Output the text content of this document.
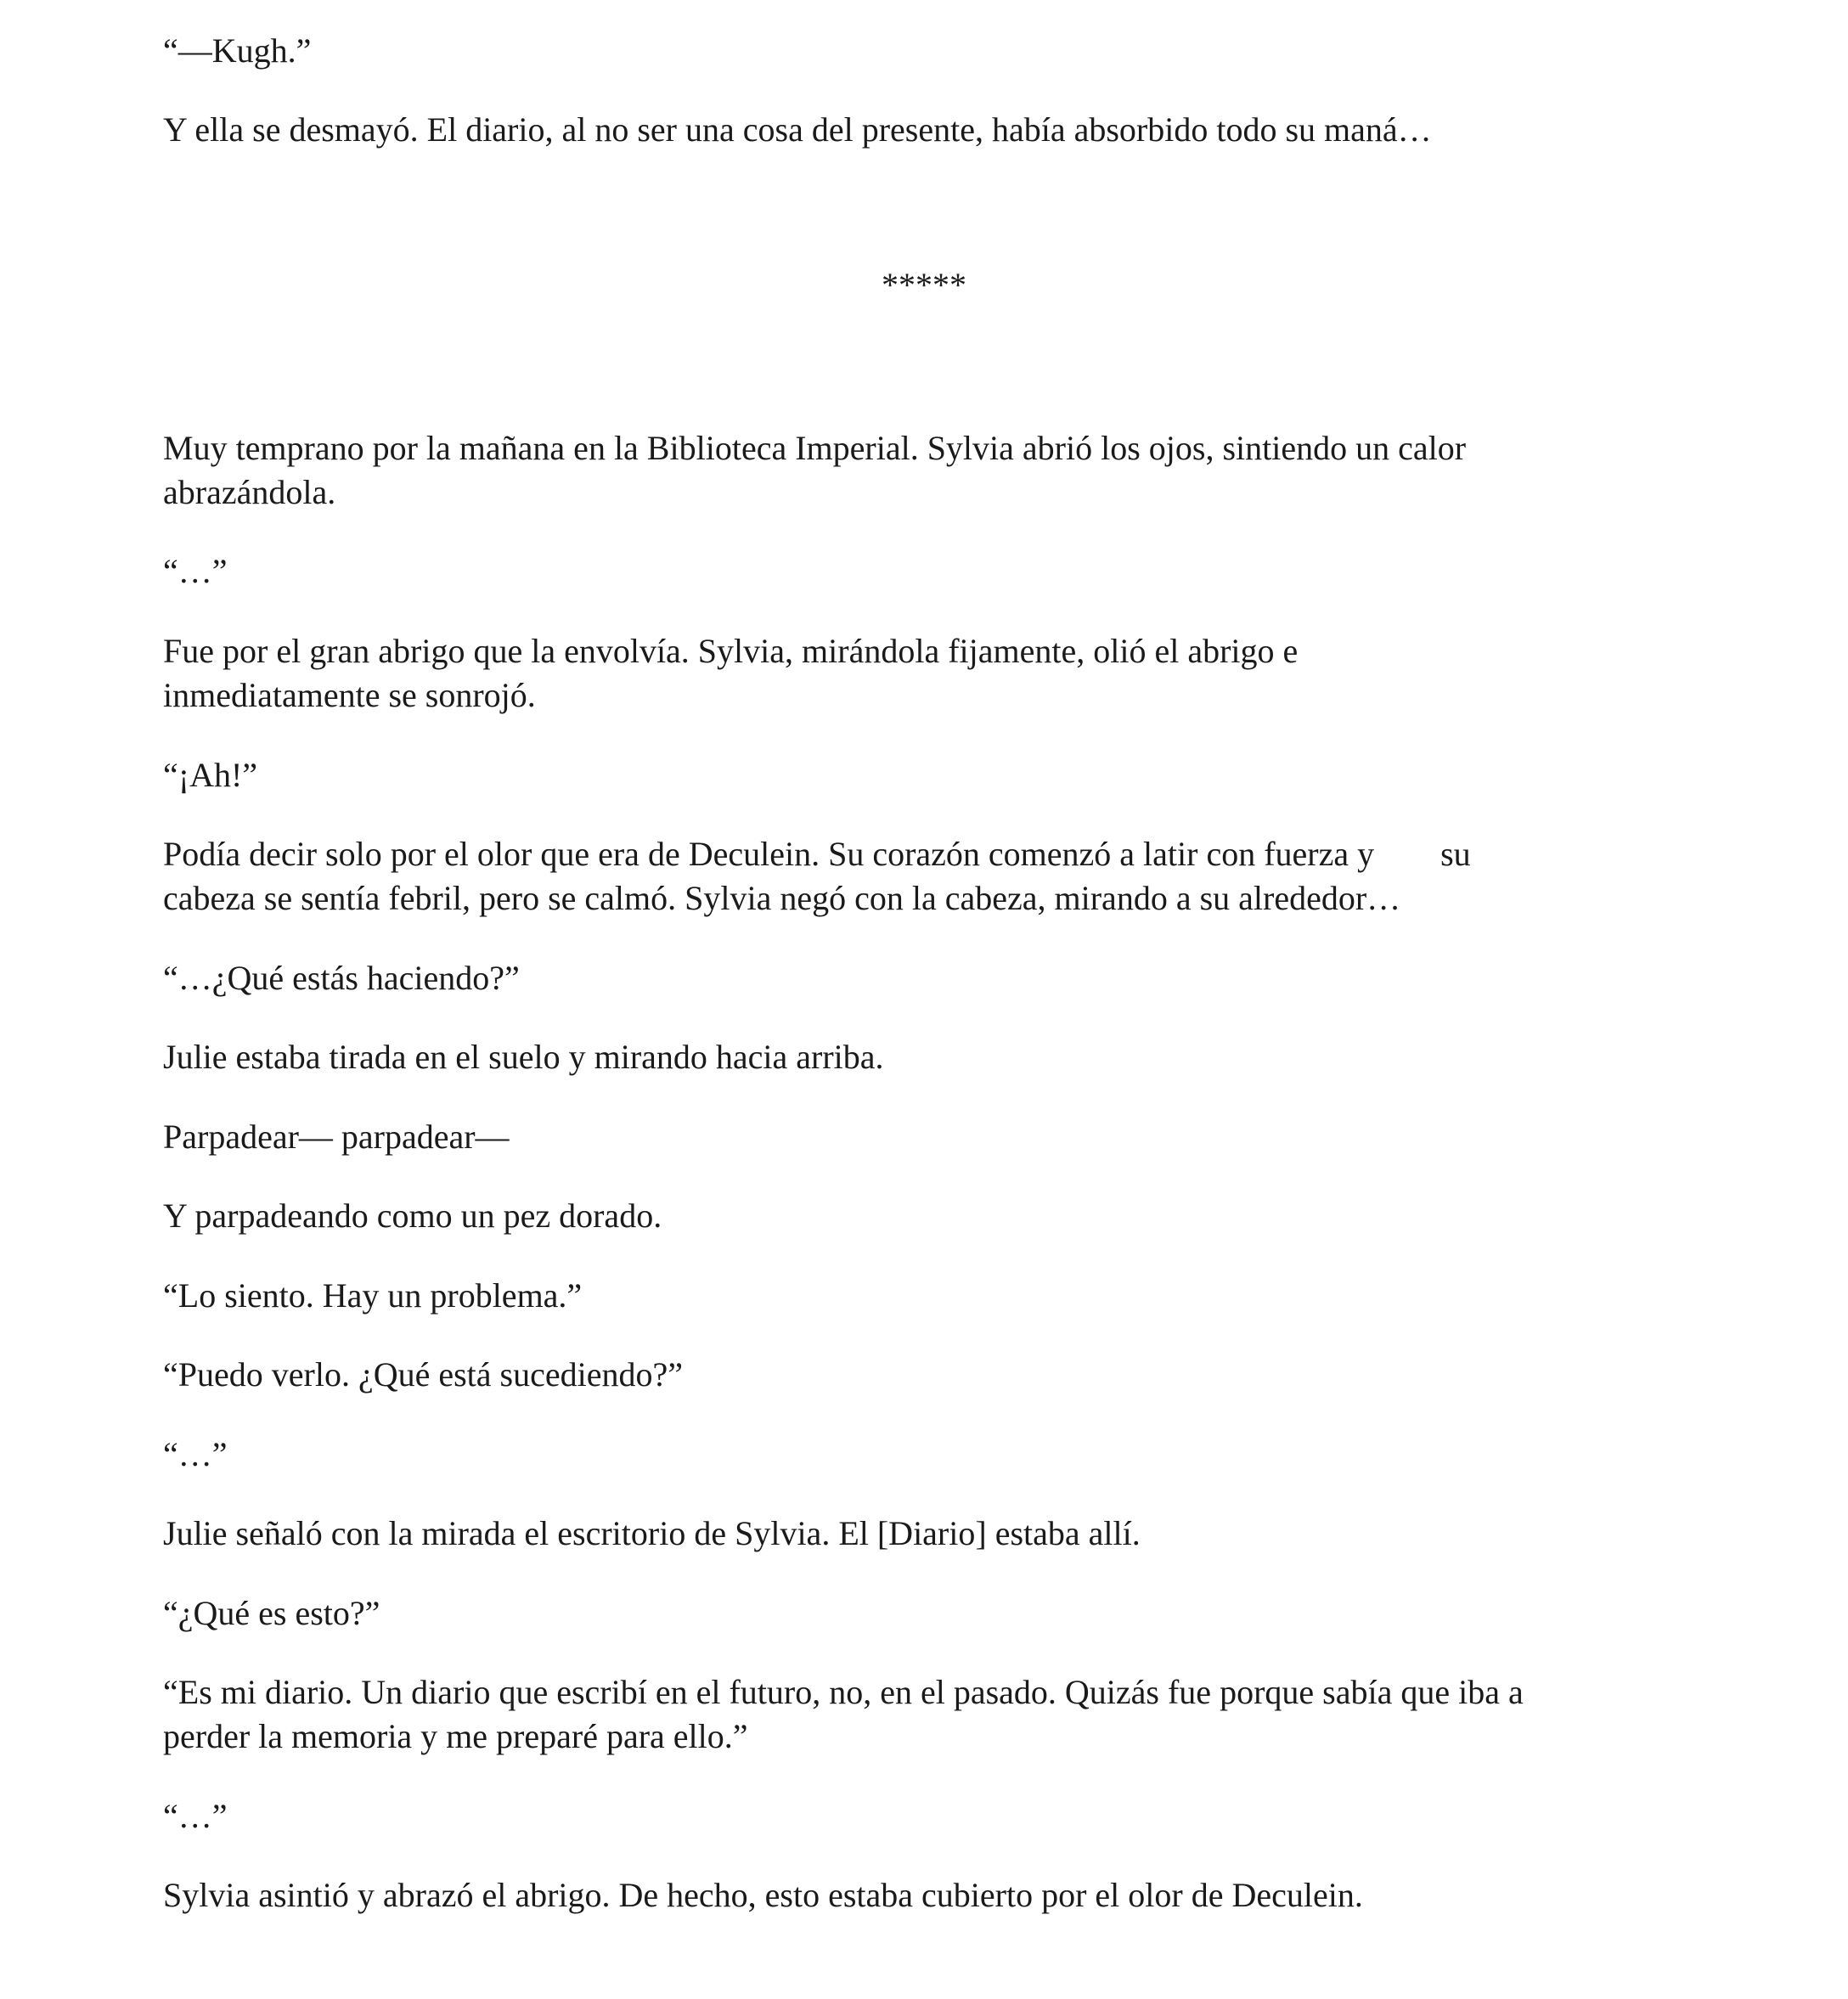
“—Kugh.”

Y ella se desmayó. El diario, al no ser una cosa del presente, había absorbido todo su maná…

*****

Muy temprano por la mañana en la Biblioteca Imperial. Sylvia abrió los ojos, sintiendo un calor

abrazándola.

“…”

Fue por el gran abrigo que la envolvía. Sylvia, mirándola fijamente, olió el abrigo e

inmediatamente se sonrojó.

“¡Ah!”

Podía decir solo por el olor que era de Deculein. Su corazón comenzó a latir con fuerza y su

cabeza se sentía febril, pero se calmó. Sylvia negó con la cabeza, mirando a su alrededor…

“…¿Qué estás haciendo?”

Julie estaba tirada en el suelo y mirando hacia arriba.

Parpadear— parpadear—

Y parpadeando como un pez dorado.

“Lo siento. Hay un problema.”

“Puedo verlo. ¿Qué está sucediendo?”

“…”

Julie señaló con la mirada el escritorio de Sylvia. El [Diario] estaba allí.

“¿Qué es esto?”

“Es mi diario. Un diario que escribí en el futuro, no, en el pasado. Quizás fue porque sabía que iba a

perder la memoria y me preparé para ello.”

“…”

Sylvia asintió y abrazó el abrigo. De hecho, esto estaba cubierto por el olor de Deculein.
